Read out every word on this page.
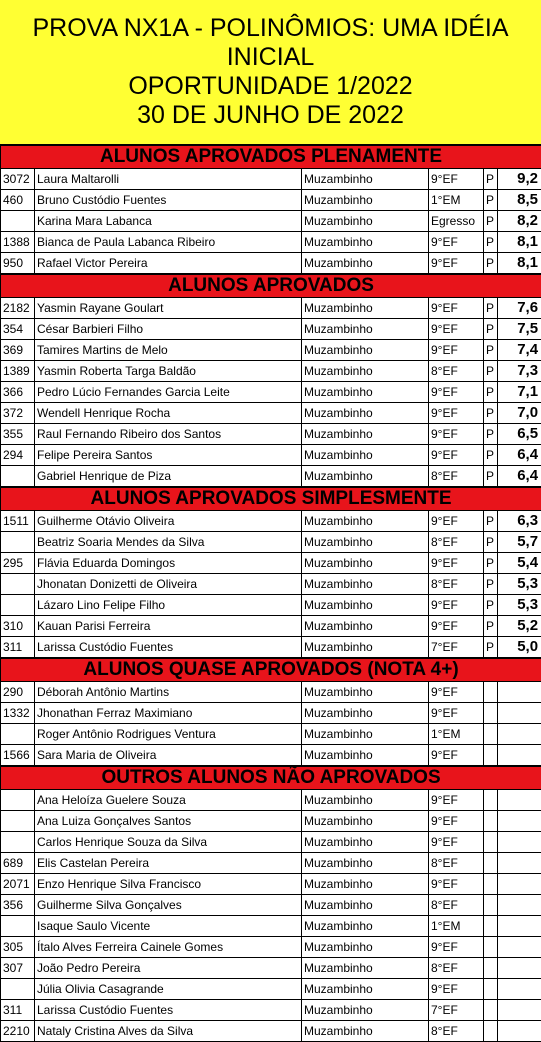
PROVA NX1A - POLINÔMIOS: UMA IDÉIA
INICIAL
OPORTUNIDADE 1/2022
30 DE JUNHO DE 2022
ALUNOS APROVADOS PLENAMENTE					
3072	Laura Maltarolli	Muzambinho	9°EF	P	9,2
460	Bruno Custódio Fuentes	Muzambinho	1°EM	P	8,5
	Karina Mara Labanca	Muzambinho	Egresso	P	8,2
1388	Bianca de Paula Labanca Ribeiro	Muzambinho	9°EF	P	8,1
950	Rafael Victor Pereira	Muzambinho	9°EF	P	8,1
ALUNOS APROVADOS					
2182	Yasmin Rayane Goulart	Muzambinho	9°EF	P	7,6
354	César Barbieri Filho	Muzambinho	9°EF	P	7,5
369	Tamires Martins de Melo	Muzambinho	9°EF	P	7,4
1389	Yasmin Roberta Targa Baldão	Muzambinho	8°EF	P	7,3
366	Pedro Lúcio Fernandes Garcia Leite	Muzambinho	9°EF	P	7,1
372	Wendell Henrique Rocha	Muzambinho	9°EF	P	7,0
355	Raul Fernando Ribeiro dos Santos	Muzambinho	9°EF	P	6,5
294	Felipe Pereira Santos	Muzambinho	9°EF	P	6,4
	Gabriel Henrique de Piza	Muzambinho	8°EF	P	6,4
ALUNOS APROVADOS SIMPLESMENTE					
1511	Guilherme Otávio Oliveira	Muzambinho	9°EF	P	6,3
	Beatriz Soaria Mendes da Silva	Muzambinho	8°EF	P	5,7
295	Flávia Eduarda Domingos	Muzambinho	9°EF	P	5,4
	Jhonatan Donizetti de Oliveira	Muzambinho	8°EF	P	5,3
	Lázaro Lino Felipe Filho	Muzambinho	9°EF	P	5,3
310	Kauan Parisi Ferreira	Muzambinho	9°EF	P	5,2
311	Larissa Custódio Fuentes	Muzambinho	7°EF	P	5,0
ALUNOS QUASE APROVADOS (NOTA 4+)					
290	Déborah Antônio Martins	Muzambinho	9°EF		
1332	Jhonathan Ferraz Maximiano	Muzambinho	9°EF		
	Roger Antônio Rodrigues Ventura	Muzambinho	1°EM		
1566	Sara Maria de Oliveira	Muzambinho	9°EF		
OUTROS ALUNOS NÃO APROVADOS					
	Ana Heloíza Guelere Souza	Muzambinho	9°EF		
	Ana Luiza Gonçalves Santos	Muzambinho	9°EF		
	Carlos Henrique Souza da Silva	Muzambinho	9°EF		
689	Elis Castelan Pereira	Muzambinho	8°EF		
2071	Enzo Henrique Silva Francisco	Muzambinho	9°EF		
356	Guilherme Silva Gonçalves	Muzambinho	8°EF		
	Isaque Saulo Vicente	Muzambinho	1°EM		
305	Ítalo Alves Ferreira Cainele Gomes	Muzambinho	9°EF		
307	João Pedro Pereira	Muzambinho	8°EF		
	Júlia Olivia Casagrande	Muzambinho	9°EF		
311	Larissa Custódio Fuentes	Muzambinho	7°EF		
2210	Nataly Cristina Alves da Silva	Muzambinho	8°EF		
